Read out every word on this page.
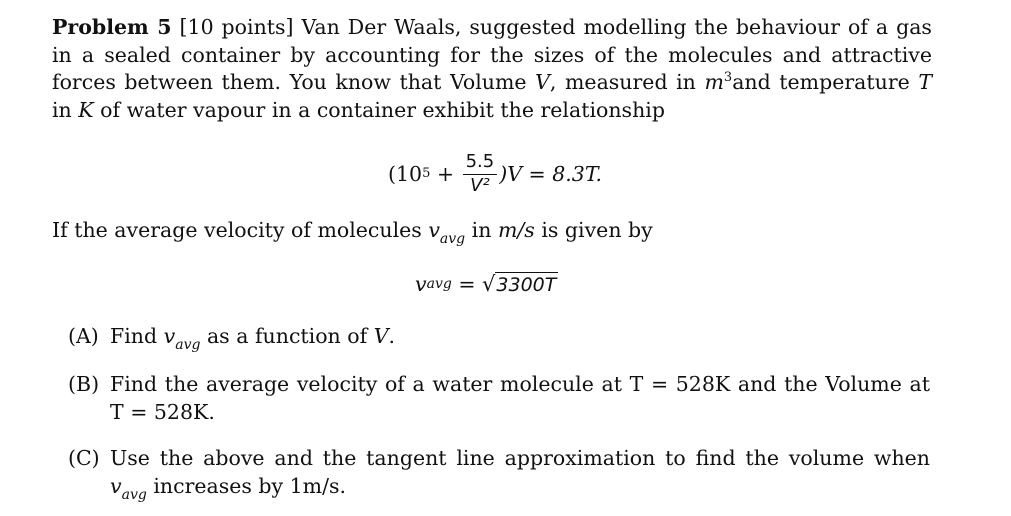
Problem 5 [10 points] Van Der Waals, suggested modelling the behaviour of a gas in a sealed container by accounting for the sizes of the molecules and attractive forces between them. You know that Volume V, measured in $m^3and$ temperature T in K of water vapour in a container exhibit the relationship
(10 $5 + \frac{5.5}{\text{V²}} )V = 8.3T$.
If the average velocity of molecules $v_{avg}$ in m/s is given by
v avg = √ 3300T
(A) Find $v_{avg}$ as a function of V.
(B) Find the average velocity of a water molecule at T = 528K and the Volume at T = 528K.
(C) Use the above and the tangent line approximation to find the volume when $v_{avg}$ increases by 1m/s.
